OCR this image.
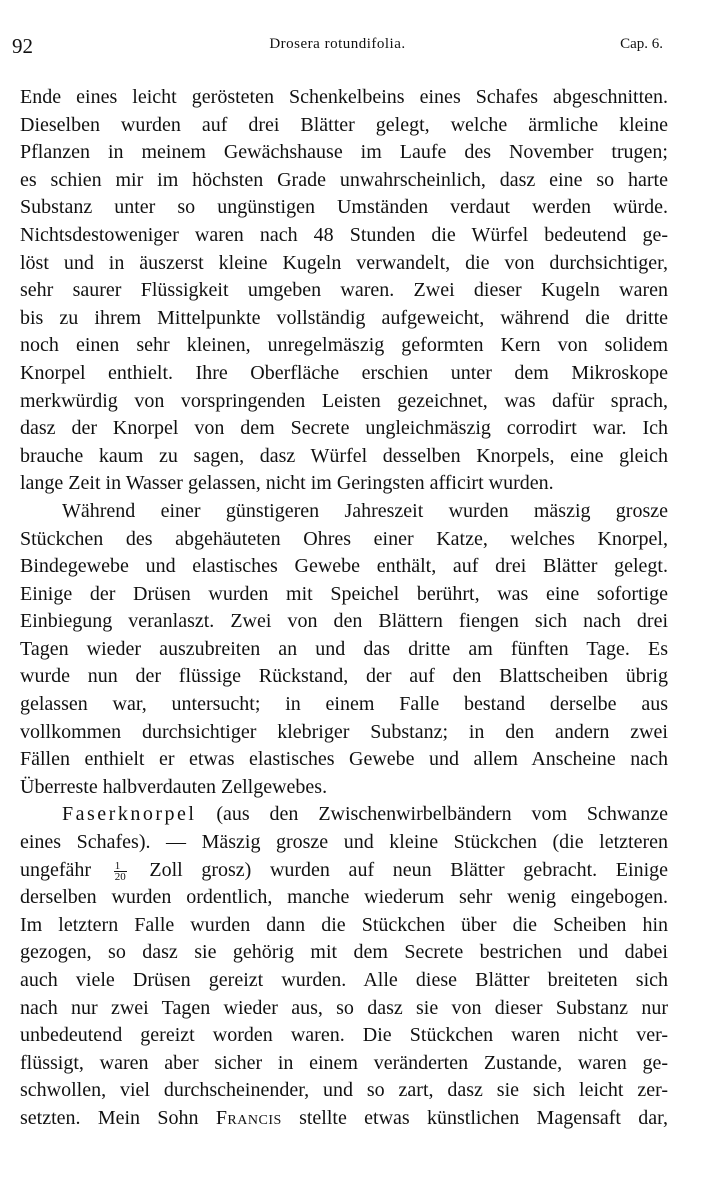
92	Drosera rotundifolia.	Cap. 6.
Ende eines leicht gerösteten Schenkelbeins eines Schafes abgeschnitten.
Dieselben wurden auf drei Blätter gelegt, welche ärmliche kleine
Pflanzen in meinem Gewächshause im Laufe des November trugen;
es schien mir im höchsten Grade unwahrscheinlich, dasz eine so harte
Substanz unter so ungünstigen Umständen verdaut werden würde.
Nichtsdestoweniger waren nach 48 Stunden die Würfel bedeutend ge-
löst und in äuszerst kleine Kugeln verwandelt, die von durchsichtiger,
sehr saurer Flüssigkeit umgeben waren. Zwei dieser Kugeln waren
bis zu ihrem Mittelpunkte vollständig aufgeweicht, während die dritte
noch einen sehr kleinen, unregelmäszig geformten Kern von solidem
Knorpel enthielt. Ihre Oberfläche erschien unter dem Mikroskope
merkwürdig von vorspringenden Leisten gezeichnet, was dafür sprach,
dasz der Knorpel von dem Secrete ungleichmäszig corrodirt war. Ich
brauche kaum zu sagen, dasz Würfel desselben Knorpels, eine gleich
lange Zeit in Wasser gelassen, nicht im Geringsten afficirt wurden.
Während einer günstigeren Jahreszeit wurden mäszig grosze
Stückchen des abgehäuteten Ohres einer Katze, welches Knorpel,
Bindegewebe und elastisches Gewebe enthält, auf drei Blätter gelegt.
Einige der Drüsen wurden mit Speichel berührt, was eine sofortige
Einbiegung veranlaszt. Zwei von den Blättern fiengen sich nach drei
Tagen wieder auszubreiten an und das dritte am fünften Tage. Es
wurde nun der flüssige Rückstand, der auf den Blattscheiben übrig
gelassen war, untersucht; in einem Falle bestand derselbe aus
vollkommen durchsichtiger klebriger Substanz; in den andern zwei
Fällen enthielt er etwas elastisches Gewebe und allem Anscheine nach
Überreste halbverdauten Zellgewebes.
Faserknorpel (aus den Zwischenwirbelbändern vom Schwanze
eines Schafes). — Mäszig grosze und kleine Stückchen (die letzteren
ungefähr $\frac{1}{20}$ Zoll grosz) wurden auf neun Blätter gebracht. Einige
derselben wurden ordentlich, manche wiederum sehr wenig eingebogen.
Im letztern Falle wurden dann die Stückchen über die Scheiben hin
gezogen, so dasz sie gehörig mit dem Secrete bestrichen und dabei
auch viele Drüsen gereizt wurden. Alle diese Blätter breiteten sich
nach nur zwei Tagen wieder aus, so dasz sie von dieser Substanz nur
unbedeutend gereizt worden waren. Die Stückchen waren nicht ver-
flüssigt, waren aber sicher in einem veränderten Zustande, waren ge-
schwollen, viel durchscheinender, und so zart, dasz sie sich leicht zer-
setzten. Mein Sohn Francis stellte etwas künstlichen Magensaft dar,
